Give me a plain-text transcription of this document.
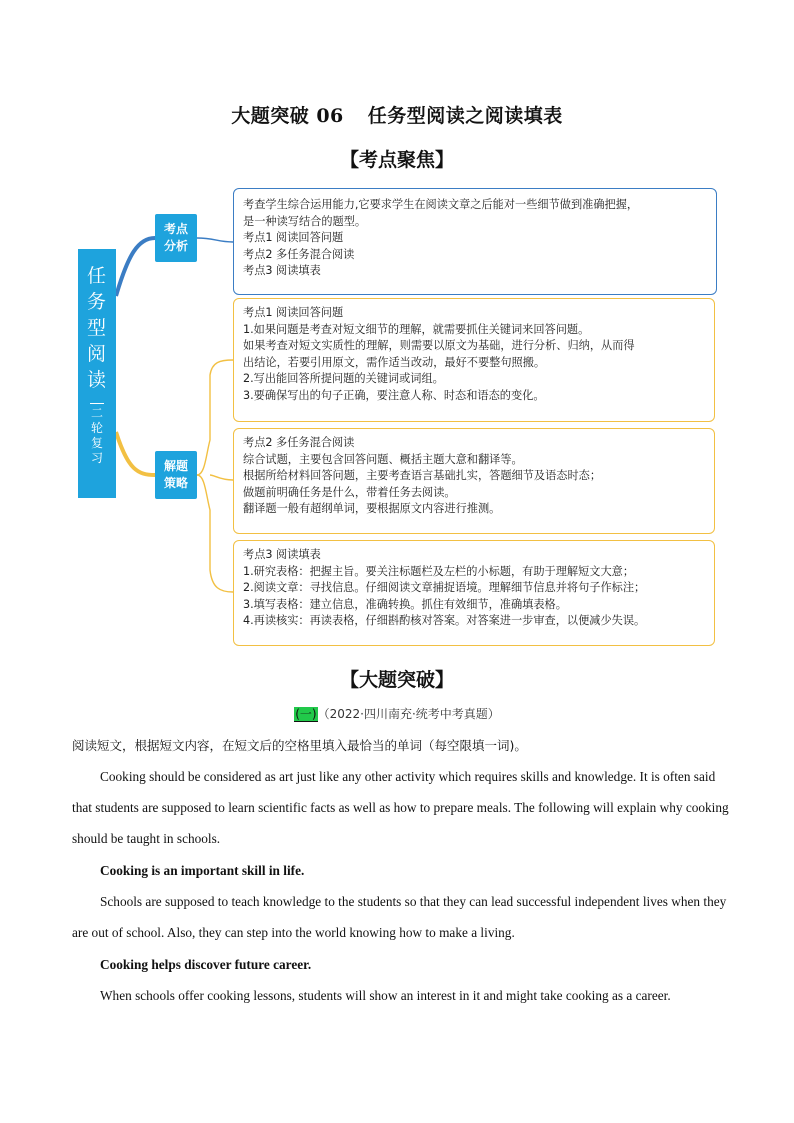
大题突破 06 任务型阅读之阅读填表
【考点聚焦】
任
务
型
阅
读
二
轮
复
习
考点
分析
解题
策略

考查学生综合运用能力,它要求学生在阅读文章之后能对一些细节做到准确把握，

是一种读写结合的题型。

考点1 阅读回答问题

考点2 多任务混合阅读

考点3 阅读填表

考点1 阅读回答问题

1.如果问题是考查对短文细节的理解，就需要抓住关键词来回答问题。

如果考查对短文实质性的理解，则需要以原文为基础，进行分析、归纳，从而得

出结论，若要引用原文，需作适当改动，最好不要整句照搬。

2.写出能回答所提问题的关键词或词组。

3.要确保写出的句子正确，要注意人称、时态和语态的变化。

考点2 多任务混合阅读

综合试题，主要包含回答问题、概括主题大意和翻译等。

根据所给材料回答问题，主要考查语言基础扎实，答题细节及语态时态；

做题前明确任务是什么，带着任务去阅读。

翻译题一般有超纲单词，要根据原文内容进行推测。

考点3 阅读填表

1.研究表格：把握主旨。要关注标题栏及左栏的小标题，有助于理解短文大意；

2.阅读文章：寻找信息。仔细阅读文章捕捉语境。理解细节信息并将句子作标注；

3.填写表格：建立信息，准确转换。抓住有效细节，准确填表格。

4.再读核实：再读表格，仔细斟酌核对答案。对答案进一步审查，以便减少失误。

【大题突破】
(一)（2022·四川南充·统考中考真题）

阅读短文，根据短文内容，在短文后的空格里填入最恰当的单词（每空限填一词)。

Cooking should be considered as art just like any other activity which requires skills and knowledge. It is often said that students are supposed to learn scientific facts as well as how to prepare meals. The following will explain why cooking should be taught in schools.

Cooking is an important skill in life.

Schools are supposed to teach knowledge to the students so that they can lead successful independent lives when they are out of school. Also, they can step into the world knowing how to make a living.

Cooking helps discover future career.

When schools offer cooking lessons, students will show an interest in it and might take cooking as a career.
